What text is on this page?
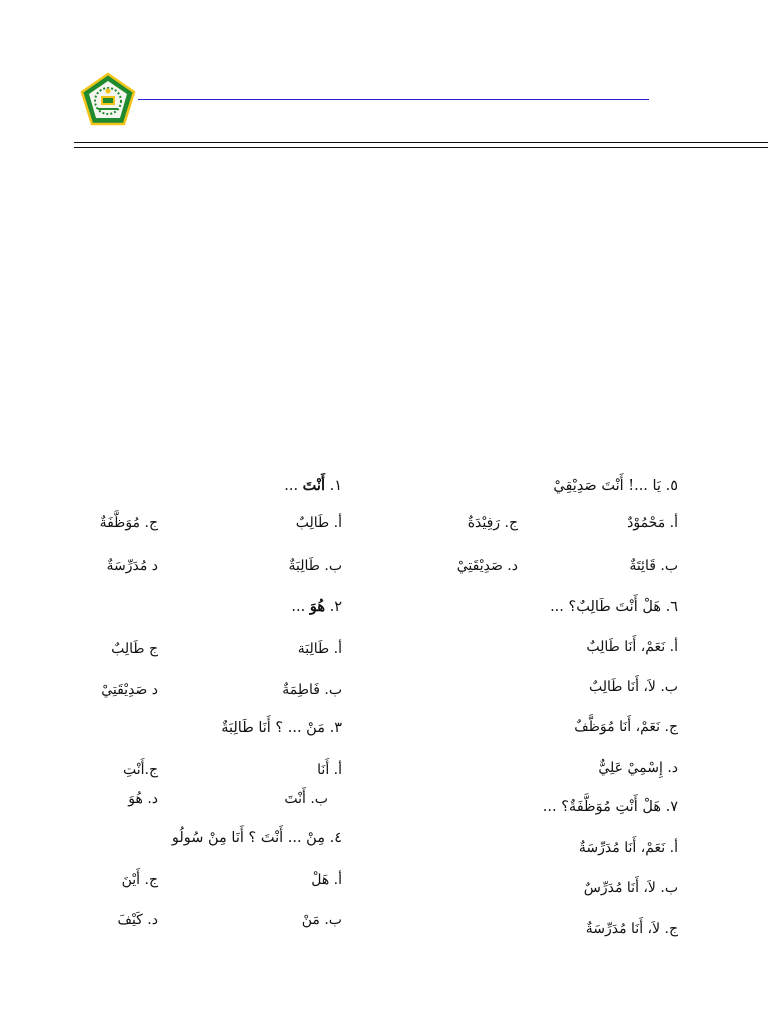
١. أَنْتَ ...
أ. طَالِبٌ
ج. مُوَظَّفَةٌ
ب. طَالِبَةٌ
د مُدَرِّسَةٌ
٢. هُوَ ...
أ. طَالِبَة
ج طَالِبٌ
ب. فَاطِمَةٌ
د صَدِيْقَتِيْ
٣. مَنْ ... ؟ أَنَا طَالِبَةٌ
أ. أَنَا
ج.أَنْتِ
ب. أَنْتَ
د. هُوَ
٤. مِنْ ... أَنْتَ ؟ أَنَا مِنْ سُولُو
أ. هَلْ
ج. أَيْنَ
ب. مَنْ
د. كَيْفَ
٥. يَا ...! أَنْتَ صَدِيْقِيْ
أ. مَحْمُوْدٌ
ج. رَفِيْدَةٌ
ب. قَائِتَةٌ
د. صَدِيْقَتِيْ
٦. هَلْ أَنْتَ طَالِبٌ؟ ...
أ. نَعَمْ، أَنَا طَالِبٌ
ب. لاَ، أَنَا طَالِبٌ
ج. نَعَمْ، أَنَا مُوَظَّفٌ
د. إِسْمِيْ عَلِيٌّ
٧. هَلْ أَنْتِ مُوَظَّفَةٌ؟ ...
أ. نَعَمْ، أَنَا مُدَرِّسَةٌ
ب. لاَ، أَنَا مُدَرِّسٌ
ج. لاَ، أَنَا مُدَرِّسَةٌ
